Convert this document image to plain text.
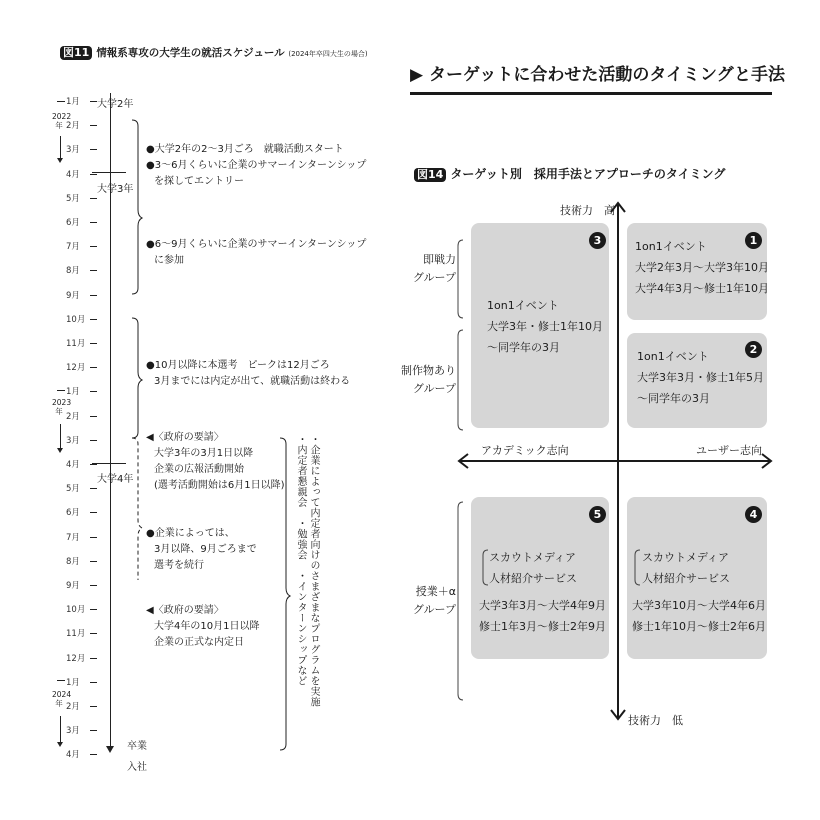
図11 情報系専攻の大学生の就活スケジュール (2024年卒四大生の場合)
1月
2月
3月
4月
5月
6月
7月
8月
9月
10月
11月
12月
1月
2月
3月
4月
5月
6月
7月
8月
9月
10月
11月
12月
1月
2月
3月
4月
2022
年
2023
年
2024
年
大学2年
大学3年
大学4年
卒業
入社
●大学2年の2～3月ごろ　就職活動スタート
●3～6月くらいに企業のサマーインターンシップ
を探してエントリー
●6～9月くらいに企業のサマーインターンシップ
に参加
●10月以降に本選考　ピークは12月ごろ
3月までには内定が出て、就職活動は終わる
◀〈政府の要請〉
大学3年の3月1日以降
企業の広報活動開始
(選考活動開始は6月1日以降)
●企業によっては、
3月以降、9月ごろまで
選考を続行
◀〈政府の要請〉
大学4年の10月1日以降
企業の正式な内定日	・企業によって内定者向けのさまざまなプログラムを実施
・内定者懇親会　・勉強会　・インターンシップなど
▶ ターゲットに合わせた活動のタイミングと手法
図14 ターゲット別　採用手法とアプローチのタイミング
技術力　高
技術力　低
アカデミック志向	ユーザー志向
即戦力
グループ
制作物あり
グループ
授業＋α
グループ
1
2
3
4
5
1on1イベント
大学2年3月～大学3年10月
大学4年3月～修士1年10月
1on1イベント
大学3年3月・修士1年5月
～同学年の3月
1on1イベント
大学3年・修士1年10月
～同学年の3月
スカウトメディア
人材紹介サービス
大学3年3月～大学4年9月
修士1年3月～修士2年9月
スカウトメディア
人材紹介サービス
大学3年10月～大学4年6月
修士1年10月～修士2年6月
